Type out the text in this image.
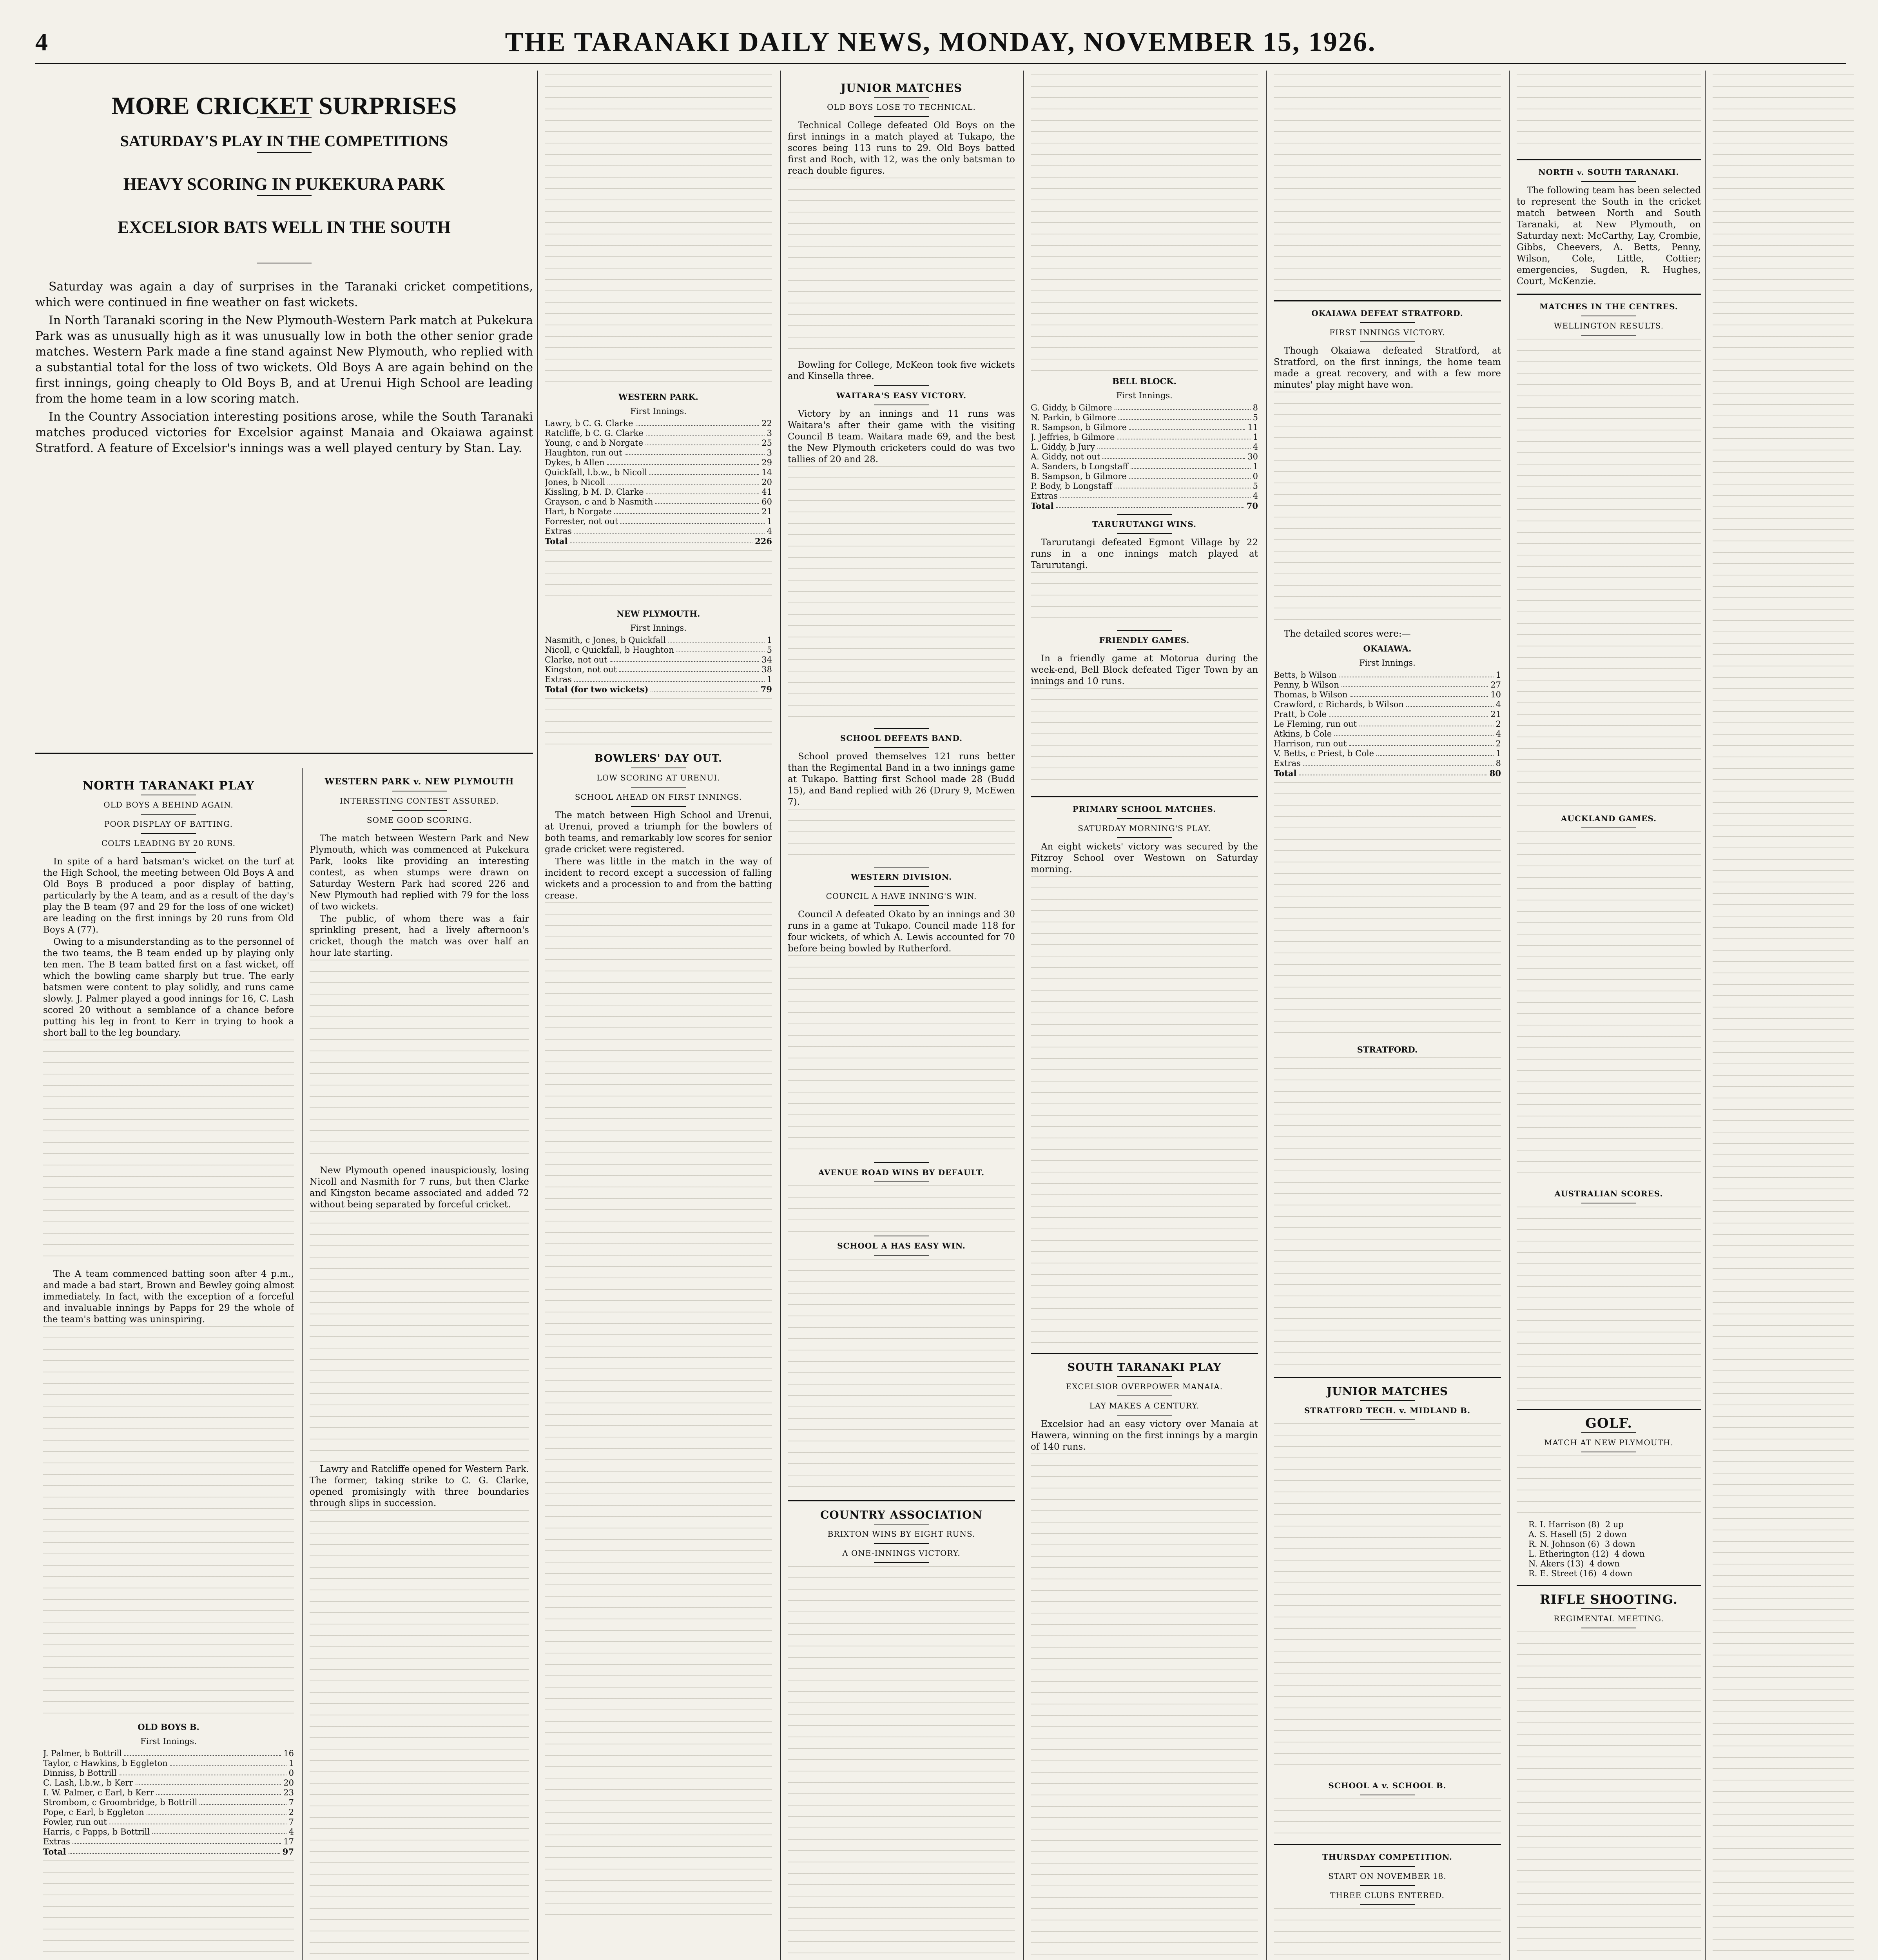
4	THE TARANAKI DAILY NEWS, MONDAY, NOVEMBER 15, 1926.
MORE CRICKET SURPRISES
SATURDAY'S PLAY IN THE COMPETITIONS
HEAVY SCORING IN PUKEKURA PARK
EXCELSIOR BATS WELL IN THE SOUTH

Saturday was again a day of surprises in the Taranaki cricket competitions, which were continued in fine weather on fast wickets.

In North Taranaki scoring in the New Plymouth-Western Park match at Pukekura Park was as unusually high as it was unusually low in both the other senior grade matches. Western Park made a fine stand against New Plymouth, who replied with a substantial total for the loss of two wickets. Old Boys A are again behind on the first innings, going cheaply to Old Boys B, and at Urenui High School are leading from the home team in a low scoring match.

In the Country Association interesting positions arose, while the South Taranaki matches produced victories for Excelsior against Manaia and Okaiawa against Stratford. A feature of Excelsior's innings was a well played century by Stan. Lay.

NORTH TARANAKI PLAY
OLD BOYS A BEHIND AGAIN.
POOR DISPLAY OF BATTING.
COLTS LEADING BY 20 RUNS.

In spite of a hard batsman's wicket on the turf at the High School, the meeting between Old Boys A and Old Boys B produced a poor display of batting, particularly by the A team, and as a result of the day's play the B team (97 and 29 for the loss of one wicket) are leading on the first innings by 20 runs from Old Boys A (77).

Owing to a misunderstanding as to the personnel of the two teams, the B team ended up by playing only ten men. The B team batted first on a fast wicket, off which the bowling came sharply but true. The early batsmen were content to play solidly, and runs came slowly. J. Palmer played a good innings for 16, C. Lash scored 20 without a semblance of a chance before putting his leg in front to Kerr in trying to hook a short ball to the leg boundary.

The A team commenced batting soon after 4 p.m., and made a bad start, Brown and Bewley going almost immediately. In fact, with the exception of a forceful and invaluable innings by Papps for 29 the whole of the team's batting was uninspiring.

OLD BOYS B.
First Innings.
J. Palmer, b Bottrill	16
Taylor, c Hawkins, b Eggleton	1
Dinniss, b Bottrill	0
C. Lash, l.b.w., b Kerr	20
I. W. Palmer, c Earl, b Kerr	23
Strombom, c Groombridge, b Bottrill	7
Pope, c Earl, b Eggleton	2
Fowler, run out	7
Harris, c Papps, b Bottrill	4
Extras	17
Total	97
WESTERN PARK v. NEW PLYMOUTH
INTERESTING CONTEST ASSURED.
SOME GOOD SCORING.

The match between Western Park and New Plymouth, which was commenced at Pukekura Park, looks like providing an interesting contest, as when stumps were drawn on Saturday Western Park had scored 226 and New Plymouth had replied with 79 for the loss of two wickets.

The public, of whom there was a fair sprinkling present, had a lively afternoon's cricket, though the match was over half an hour late starting.

New Plymouth opened inauspiciously, losing Nicoll and Nasmith for 7 runs, but then Clarke and Kingston became associated and added 72 without being separated by forceful cricket.

Lawry and Ratcliffe opened for Western Park. The former, taking strike to C. G. Clarke, opened promisingly with three boundaries through slips in succession.

WESTERN PARK.
First Innings.
Lawry, b C. G. Clarke	22
Ratcliffe, b C. G. Clarke	3
Young, c and b Norgate	25
Haughton, run out	3
Dykes, b Allen	29
Quickfall, l.b.w., b Nicoll	14
Jones, b Nicoll	20
Kissling, b M. D. Clarke	41
Grayson, c and b Nasmith	60
Hart, b Norgate	21
Forrester, not out	1
Extras	4
Total	226
NEW PLYMOUTH.
First Innings.
Nasmith, c Jones, b Quickfall	1
Nicoll, c Quickfall, b Haughton	5
Clarke, not out	34
Kingston, not out	38
Extras	1
Total (for two wickets)	79
BOWLERS' DAY OUT.
LOW SCORING AT URENUI.
SCHOOL AHEAD ON FIRST INNINGS.

The match between High School and Urenui, at Urenui, proved a triumph for the bowlers of both teams, and remarkably low scores for senior grade cricket were registered.

There was little in the match in the way of incident to record except a succession of falling wickets and a procession to and from the batting crease.

JUNIOR MATCHES
OLD BOYS LOSE TO TECHNICAL.

Technical College defeated Old Boys on the first innings in a match played at Tukapo, the scores being 113 runs to 29. Old Boys batted first and Roch, with 12, was the only batsman to reach double figures.

Bowling for College, McKeon took five wickets and Kinsella three.

WAITARA'S EASY VICTORY.

Victory by an innings and 11 runs was Waitara's after their game with the visiting Council B team. Waitara made 69, and the best the New Plymouth cricketers could do was two tallies of 20 and 28.

SCHOOL DEFEATS BAND.

School proved themselves 121 runs better than the Regimental Band in a two innings game at Tukapo. Batting first School made 28 (Budd 15), and Band replied with 26 (Drury 9, McEwen 7).

WESTERN DIVISION.
COUNCIL A HAVE INNING'S WIN.

Council A defeated Okato by an innings and 30 runs in a game at Tukapo. Council made 118 for four wickets, of which A. Lewis accounted for 70 before being bowled by Rutherford.

AVENUE ROAD WINS BY DEFAULT.
SCHOOL A HAS EASY WIN.
COUNTRY ASSOCIATION
BRIXTON WINS BY EIGHT RUNS.
A ONE-INNINGS VICTORY.
BELL BLOCK.
First Innings.
G. Giddy, b Gilmore	8
N. Parkin, b Gilmore	5
R. Sampson, b Gilmore	11
J. Jeffries, b Gilmore	1
L. Giddy, b Jury	4
A. Giddy, not out	30
A. Sanders, b Longstaff	1
B. Sampson, b Gilmore	0
P. Body, b Longstaff	5
Extras	4
Total	70
TARURUTANGI WINS.

Tarurutangi defeated Egmont Village by 22 runs in a one innings match played at Tarurutangi.

FRIENDLY GAMES.

In a friendly game at Motorua during the week-end, Bell Block defeated Tiger Town by an innings and 10 runs.

PRIMARY SCHOOL MATCHES.
SATURDAY MORNING'S PLAY.

An eight wickets' victory was secured by the Fitzroy School over Westown on Saturday morning.

SOUTH TARANAKI PLAY
EXCELSIOR OVERPOWER MANAIA.
LAY MAKES A CENTURY.

Excelsior had an easy victory over Manaia at Hawera, winning on the first innings by a margin of 140 runs.

OKAIAWA DEFEAT STRATFORD.
FIRST INNINGS VICTORY.

Though Okaiawa defeated Stratford, at Stratford, on the first innings, the home team made a great recovery, and with a few more minutes' play might have won.

The detailed scores were:—

OKAIAWA.
First Innings.
Betts, b Wilson	1
Penny, b Wilson	27
Thomas, b Wilson	10
Crawford, c Richards, b Wilson	4
Pratt, b Cole	21
Le Fleming, run out	2
Atkins, b Cole	4
Harrison, run out	2
V. Betts, c Priest, b Cole	1
Extras	8
Total	80
STRATFORD.
JUNIOR MATCHES
STRATFORD TECH. v. MIDLAND B.
SCHOOL A v. SCHOOL B.
THURSDAY COMPETITION.
START ON NOVEMBER 18.
THREE CLUBS ENTERED.
NORTH v. SOUTH TARANAKI.

The following team has been selected to represent the South in the cricket match between North and South Taranaki, at New Plymouth, on Saturday next: McCarthy, Lay, Crombie, Gibbs, Cheevers, A. Betts, Penny, Wilson, Cole, Little, Cottier; emergencies, Sugden, R. Hughes, Court, McKenzie.

MATCHES IN THE CENTRES.
WELLINGTON RESULTS.
AUCKLAND GAMES.
AUSTRALIAN SCORES.
GOLF.
MATCH AT NEW PLYMOUTH.
R. I. Harrison (8) 2 up
A. S. Hasell (5) 2 down
R. N. Johnson (6) 3 down
L. Etherington (12) 4 down
N. Akers (13) 4 down
R. E. Street (16) 4 down
RIFLE SHOOTING.
REGIMENTAL MEETING.
